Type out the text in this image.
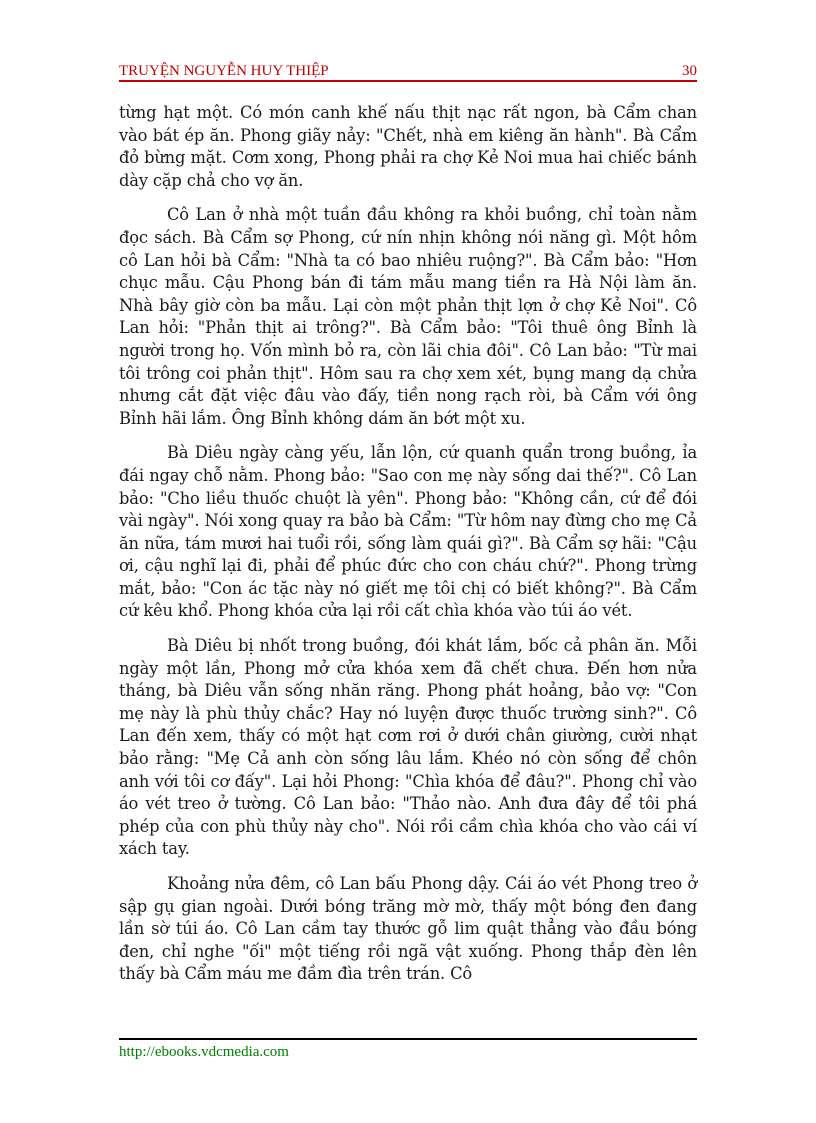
TRUYỆN NGUYỄN HUY THIỆP	30

từng hạt một. Có món canh khế nấu thịt nạc rất ngon, bà Cẩm chan vào bát ép ăn. Phong giãy nảy: "Chết, nhà em kiêng ăn hành". Bà Cẩm đỏ bừng mặt. Cơm xong, Phong phải ra chợ Kẻ Noi mua hai chiếc bánh dày cặp chả cho vợ ăn.

Cô Lan ở nhà một tuần đầu không ra khỏi buồng, chỉ toàn nằm đọc sách. Bà Cẩm sợ Phong, cứ nín nhịn không nói năng gì. Một hôm cô Lan hỏi bà Cẩm: "Nhà ta có bao nhiêu ruộng?". Bà Cẩm bảo: "Hơn chục mẫu. Cậu Phong bán đi tám mẫu mang tiền ra Hà Nội làm ăn. Nhà bây giờ còn ba mẫu. Lại còn một phản thịt lợn ở chợ Kẻ Noi". Cô Lan hỏi: "Phản thịt ai trông?". Bà Cẩm bảo: "Tôi thuê ông Bỉnh là người trong họ. Vốn mình bỏ ra, còn lãi chia đôi". Cô Lan bảo: "Từ mai tôi trông coi phản thịt". Hôm sau ra chợ xem xét, bụng mang dạ chửa nhưng cắt đặt việc đâu vào đấy, tiền nong rạch ròi, bà Cẩm với ông Bỉnh hãi lắm. Ông Bỉnh không dám ăn bớt một xu.

Bà Diêu ngày càng yếu, lẫn lộn, cứ quanh quẩn trong buồng, ỉa đái ngay chỗ nằm. Phong bảo: "Sao con mẹ này sống dai thế?". Cô Lan bảo: "Cho liều thuốc chuột là yên". Phong bảo: "Không cần, cứ để đói vài ngày". Nói xong quay ra bảo bà Cẩm: "Từ hôm nay đừng cho mẹ Cả ăn nữa, tám mươi hai tuổi rồi, sống làm quái gì?". Bà Cẩm sợ hãi: "Cậu ơi, cậu nghĩ lại đi, phải để phúc đức cho con cháu chứ?". Phong trừng mắt, bảo: "Con ác tặc này nó giết mẹ tôi chị có biết không?". Bà Cẩm cứ kêu khổ. Phong khóa cửa lại rồi cất chìa khóa vào túi áo vét.

Bà Diêu bị nhốt trong buồng, đói khát lắm, bốc cả phân ăn. Mỗi ngày một lần, Phong mở cửa khóa xem đã chết chưa. Đến hơn nửa tháng, bà Diêu vẫn sống nhăn răng. Phong phát hoảng, bảo vợ: "Con mẹ này là phù thủy chắc? Hay nó luyện được thuốc trường sinh?". Cô Lan đến xem, thấy có một hạt cơm rơi ở dưới chân giường, cười nhạt bảo rằng: "Mẹ Cả anh còn sống lâu lắm. Khéo nó còn sống để chôn anh với tôi cơ đấy". Lại hỏi Phong: "Chìa khóa để đâu?". Phong chỉ vào áo vét treo ở tường. Cô Lan bảo: "Thảo nào. Anh đưa đây để tôi phá phép của con phù thủy này cho". Nói rồi cầm chìa khóa cho vào cái ví xách tay.

Khoảng nửa đêm, cô Lan bấu Phong dậy. Cái áo vét Phong treo ở sập gụ gian ngoài. Dưới bóng trăng mờ mờ, thấy một bóng đen đang lần sờ túi áo. Cô Lan cầm tay thước gỗ lim quật thẳng vào đầu bóng đen, chỉ nghe "ối" một tiếng rồi ngã vật xuống. Phong thắp đèn lên thấy bà Cẩm máu me đầm đìa trên trán. Cô

http://ebooks.vdcmedia.com
